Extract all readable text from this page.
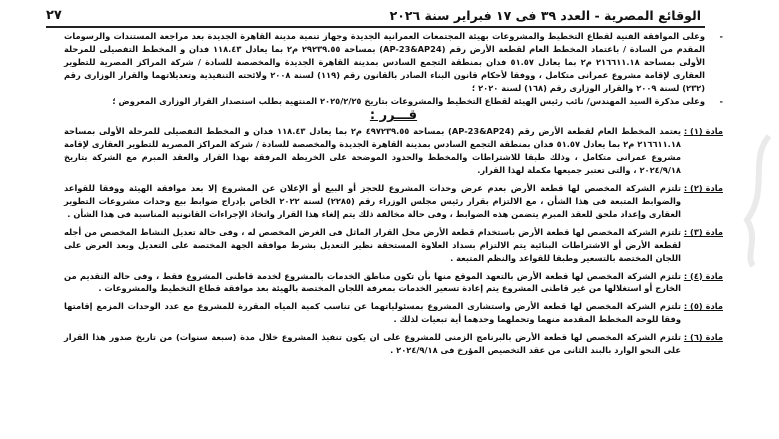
الوقائع المصرية - العدد ٣٩ فى ١٧ فبراير سنة ٢٠٢٦
٢٧

-
وعلى الموافقة الفنية لقطاع التخطيط والمشروعات بهيئة المجتمعات العمرانية الجديدة وجهاز تنمية مدينة القاهرة الجديدة بعد مراجعة المستندات والرسومات المقدم من السادة / باعتماد المخطط العام لقطعة الأرض رقم (AP-23&AP24) بمساحة ٢٩٢٣٩.٥٥ م٢ بما يعادل ١١٨.٤٣ فدان و المخطط التفصيلى للمرحلة الأولى بمساحة ٢١٦٦١١.١٨ م٢ بما يعادل ٥١.٥٧ فدان بمنطقة التجمع السادس بمدينة القاهرة الجديدة والمخصصة للسادة / شركة المراكز المصرية للتطوير العقارى لإقامة مشروع عمرانى متكامل ، ووفقا لأحكام قانون البناء الصادر بالقانون رقم (١١٩) لسنة ٢٠٠٨ ولائحته التنفيذية وتعديلاتهما والقرار الوزارى رقم (٢٣٢) لسنة ٢٠٠٩ والقرار الوزارى رقم (١٦٨) لسنة ٢٠٢٠ ؛

-
وعلى مذكرة السيد المهندس/ نائب رئيس الهيئة لقطاع التخطيط والمشروعات بتاريخ ٢٠٢٥/٢/٢٥ المنتهية بطلب استصدار القرار الوزارى المعروض ؛

قـــرر :
مادة (١) :
يعتمد المخطط العام لقطعة الأرض رقم (AP-23&AP24) بمساحة ٤٩٧٢٣٩.٥٥ م٢ بما يعادل ١١٨.٤٣ فدان و المخطط التفصيلى للمرحلة الأولى بمساحة ٢١٦٦١١.١٨ م٢ بما يعادل ٥١.٥٧ فدان بمنطقة التجمع السادس بمدينة القاهرة الجديدة والمخصصة للسادة / شركة المراكز المصرية للتطوير العقارى لإقامة مشروع عمرانى متكامل ، وذلك طبقا للاشتراطات والمخطط والحدود الموضحة على الخريطة المرفقة بهذا القرار والعقد المبرم مع الشركة بتاريخ ٢٠٢٤/٩/١٨ ، والتى تعتبر جميعها مكملة لهذا القرار.
مادة (٢) :
تلتزم الشركة المخصص لها قطعة الأرض بعدم عرض وحدات المشروع للحجز أو البيع أو الإعلان عن المشروع إلا بعد موافقة الهيئة ووفقا للقواعد والضوابط المتبعة فى هذا الشأن ، مع الالتزام بقرار رئيس مجلس الوزراء رقم (٢٢٨٥) لسنة ٢٠٢٢ الخاص بإدراج ضوابط بيع وحدات مشروعات التطوير العقارى وإعداد ملحق للعقد المبرم يتضمن هذه الضوابط ، وفى حالة مخالفة ذلك يتم إلغاء هذا القرار واتخاذ الإجراءات القانونية المناسبة فى هذا الشأن .
مادة (٣) :
تلتزم الشركة المخصص لها قطعة الأرض باستخدام قطعة الأرض محل القرار الماثل فى الغرض المخصص له ، وفى حالة تعديل النشاط المخصص من أجله لقطعة الأرض أو الاشتراطات البنائية يتم الالتزام بسداد العلاوة المستحقة نظير التعديل بشرط موافقة الجهة المختصة على التعديل وبعد العرض على اللجان المختصة بالتسعير وطبقا للقواعد والنظم المتبعة .
مادة (٤) :
تلتزم الشركة المخصص لها قطعة الأرض بالتعهد الموقع منها بأن تكون مناطق الخدمات بالمشروع لخدمة قاطنى المشروع فقط ، وفى حالة التقديم من الخارج أو استغلالها من غير قاطنى المشروع يتم إعادة تسعير الخدمات بمعرفة اللجان المختصة بالهيئة بعد موافقة قطاع التخطيط والمشروعات .
مادة (٥) :
تلتزم الشركة المخصص لها قطعة الأرض واستشارى المشروع بمسئولياتهما عن تناسب كمية المياه المقررة للمشروع مع عدد الوحدات المزمع إقامتها وفقا للوحة المخطط المقدمة منهما وتحملهما وحدهما أية تبعيات لذلك .
مادة (٦) :
تلتزم الشركة المخصص لها قطعة الأرض بالبرنامج الزمنى للمشروع على ان يكون تنفيذ المشروع خلال مدة (سبعة سنوات) من تاريخ صدور هذا القرار على النحو الوارد بالبند الثانى من عقد التخصيص المؤرخ فى ٢٠٢٤/٩/١٨ .
